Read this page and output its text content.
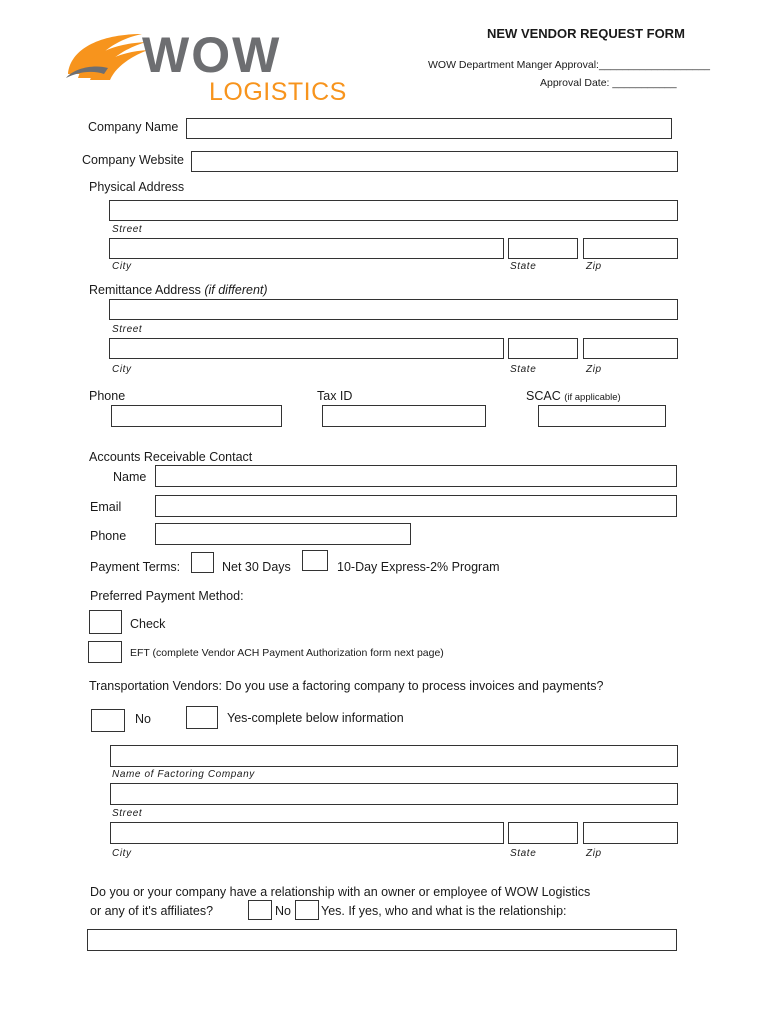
WOW
LOGISTICS
NEW VENDOR REQUEST FORM
WOW Department Manger Approval:___________________
Approval Date: ___________
Company Name
Company Website
Physical Address
Street
City	State	Zip
Remittance Address (if different)
Street
City	State	Zip
Phone	Tax ID	SCAC (if applicable)
Accounts Receivable Contact
Name
Email
Phone
Payment Terms:	Net 30 Days	10-Day Express-2% Program
Preferred Payment Method:
Check
EFT (complete Vendor ACH Payment Authorization form next page)
Transportation Vendors: Do you use a factoring company to process invoices and payments?
No	Yes-complete below information
Name of Factoring Company
Street
City	State	Zip
Do you or your company have a relationship with an owner or employee of WOW Logistics
or any of it's affiliates?	No Yes. If yes, who and what is the relationship:
